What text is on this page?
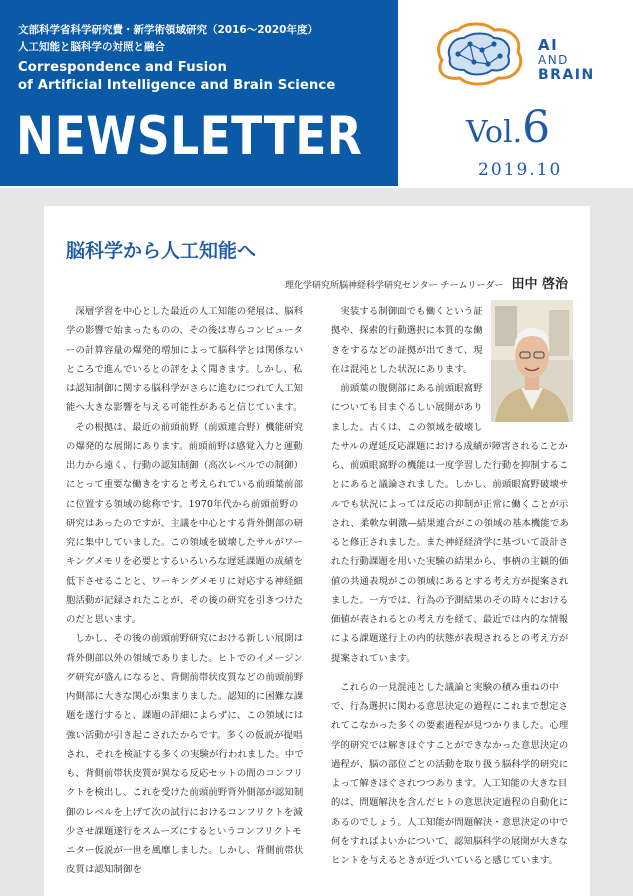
文部科学省科学研究費・新学術領域研究（2016～2020年度）
人工知能と脳科学の対照と融合
Correspondence and Fusion
of Artificial Intelligence and Brain Science
NEWSLETTER
AI
AND
BRAIN
Vol.6
2019.10
脳科学から人工知能へ
理化学研究所脳神経科学研究センター チームリーダー 田中 啓治

深層学習を中心とした最近の人工知能の発展は、脳科学の影響で始まったものの、その後は専らコンピューターの計算容量の爆発的増加によって脳科学とは関係ないところで進んでいるとの評をよく聞きます。しかし、私は認知制御に関する脳科学がさらに進むにつれて人工知能へ大きな影響を与える可能性があると信じています。

その根拠は、最近の前頭前野（前頭連合野）機能研究の爆発的な展開にあります。前頭前野は感覚入力と運動出力から遠く、行動の認知制御（高次レベルでの制御）にとって重要な働きをすると考えられている前頭葉前部に位置する領域の総称です。1970年代から前頭前野の研究はあったのですが、主議を中心とする背外側部の研究に集中していました。この領域を破壊したサルがワーキングメモリを必要とするいろいろな遅延課題の成績を低下させることと、ワーキングメモリに対応する神経細胞活動が記録されたことが、その後の研究を引きつけたのだと思います。

しかし、その後の前頭前野研究における新しい展開は背外側部以外の領域でありました。ヒトでのイメージング研究が盛んになると、背側前帯状皮質などの前頭前野内側部に大きな関心が集まりました。認知的に困難な課題を遂行すると、課題の詳細によらずに、この領域には強い活動が引き起こされたからです。多くの仮説が提唱され、それを検証する多くの実験が行われました。中でも、背側前帯状皮質が異なる反応セットの間のコンフリクトを検出し、これを受けた前頭前野背外側部が認知制御のレベルを上げて次の試行におけるコンフリクトを減少させ課題遂行をスムーズにするというコンフリクトモニター仮説が一世を風靡しました。しかし、背側前帯状皮質は認知制御を

実装する制御面でも働くという証拠や、探索的行動選択に本質的な働きをするなどの証拠が出てきて、現在は混沌とした状況にあります。

前頭葉の腹側部にある前頭眼窩野についても目まぐるしい展開がありました。古くは、この領域を破壊したサルの遅延反応課題における成績が障害されることから、前頭眼窩野の機能は一度学習した行動を抑制することにあると議論されました。しかし、前頭眼窩野破壊サルでも状況によっては反応の抑制が正常に働くことが示され、柔軟な刺激—結果連合がこの領域の基本機能であると修正されました。また神経経済学に基づいて設計された行動課題を用いた実験の結果から、事柄の主観的価値の共通表現がこの領域にあるとする考え方が提案されました。一方では、行為の予測結果のその時々における価値が表されるとの考え方を経て、最近では内的な情報による課題遂行上の内的状態が表現されるとの考え方が提案されています。

これらの一見混沌とした議論と実験の積み重ねの中で、行為選択に関わる意思決定の過程にこれまで想定されてこなかった多くの要素過程が見つかりました。心理学的研究では解きほぐすことができなかった意思決定の過程が、脳の部位ごとの活動を取り扱う脳科学的研究によって解きほぐされつつあります。人工知能の大きな目的は、問題解決を含んだヒトの意思決定過程の自動化にあるのでしょう。人工知能が問題解決・意思決定の中で何をすればよいかについて、認知脳科学の展開が大きなヒントを与えるときが近づいていると感じています。
